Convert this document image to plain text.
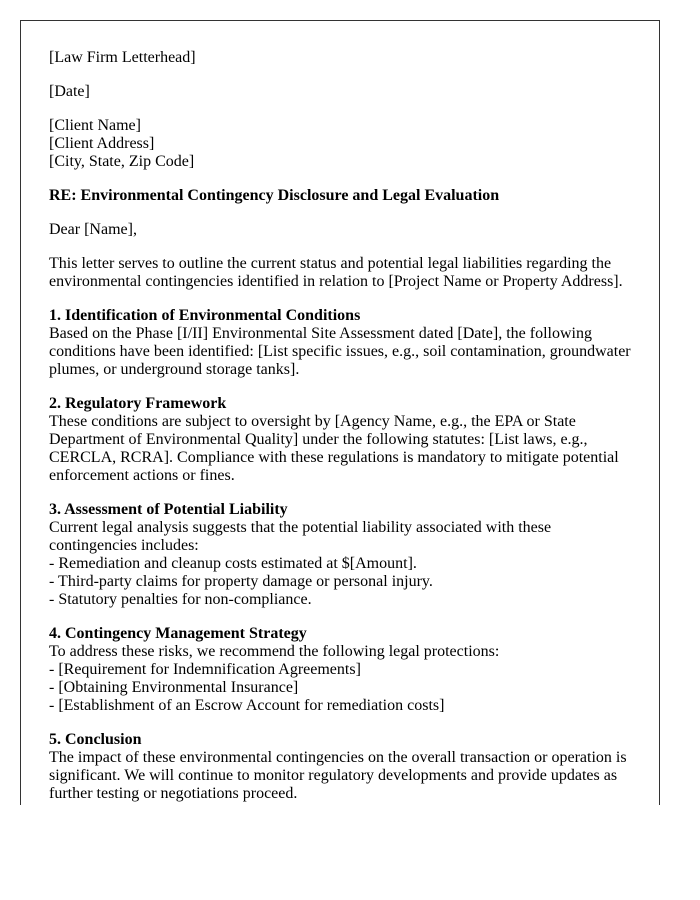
[Law Firm Letterhead]

[Date]

[Client Name]
[Client Address]
[City, State, Zip Code]

RE: Environmental Contingency Disclosure and Legal Evaluation

Dear [Name],

This letter serves to outline the current status and potential legal liabilities regarding the
environmental contingencies identified in relation to [Project Name or Property Address].

1. Identification of Environmental Conditions
Based on the Phase [I/II] Environmental Site Assessment dated [Date], the following
conditions have been identified: [List specific issues, e.g., soil contamination, groundwater
plumes, or underground storage tanks].

2. Regulatory Framework
These conditions are subject to oversight by [Agency Name, e.g., the EPA or State
Department of Environmental Quality] under the following statutes: [List laws, e.g.,
CERCLA, RCRA]. Compliance with these regulations is mandatory to mitigate potential
enforcement actions or fines.

3. Assessment of Potential Liability
Current legal analysis suggests that the potential liability associated with these
contingencies includes:
- Remediation and cleanup costs estimated at $[Amount].
- Third-party claims for property damage or personal injury.
- Statutory penalties for non-compliance.

4. Contingency Management Strategy
To address these risks, we recommend the following legal protections:
- [Requirement for Indemnification Agreements]
- [Obtaining Environmental Insurance]
- [Establishment of an Escrow Account for remediation costs]

5. Conclusion
The impact of these environmental contingencies on the overall transaction or operation is
significant. We will continue to monitor regulatory developments and provide updates as
further testing or negotiations proceed.
